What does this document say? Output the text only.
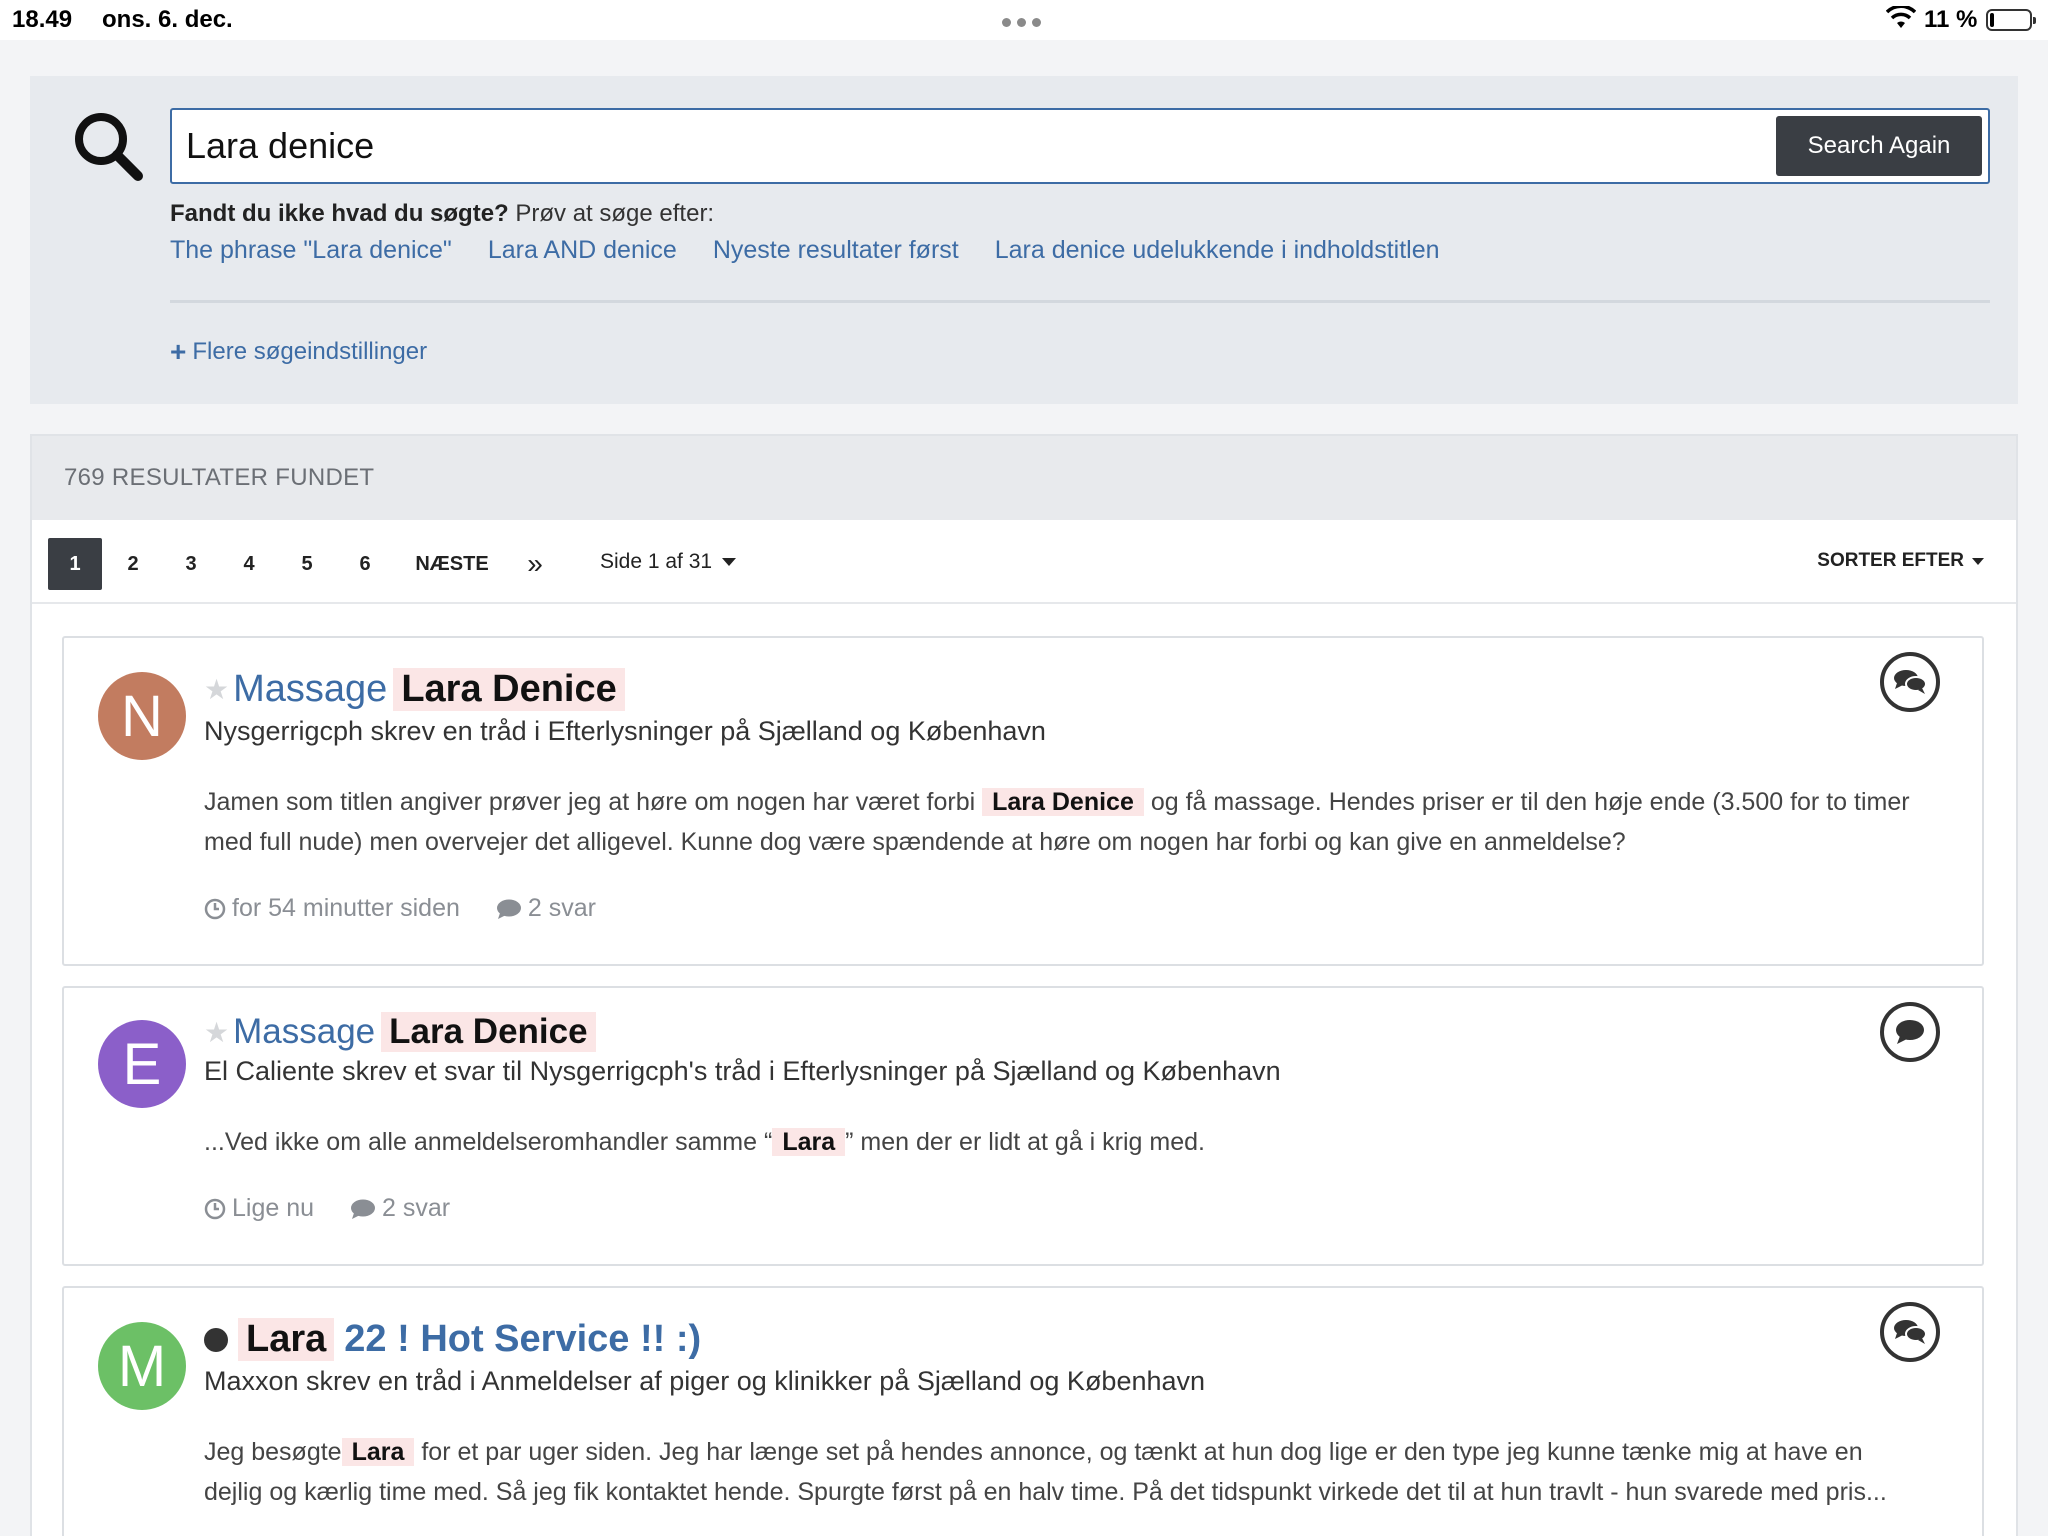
18.49 ons. 6. dec.	11 %
Lara denice
Search Again
Fandt du ikke hvad du søgte? Prøv at søge efter:
The phrase "Lara denice" Lara AND denice Nyeste resultater først Lara denice udelukkende i indholdstitlen
+ Flere søgeindstillinger
769 RESULTATER FUNDET
1	2	3	4	5	6	NÆSTE	»	Side 1 af 31	SORTER EFTER
N	★ Massage Lara Denice
Nysgerrigcph skrev en tråd i Efterlysninger på Sjælland og København
Jamen som titlen angiver prøver jeg at høre om nogen har været forbi Lara Denice og få massage. Hendes priser er til den høje ende (3.500 for to timer med full nude) men overvejer det alligevel. Kunne dog være spændende at høre om nogen har forbi og kan give en anmeldelse?
for 54 minutter siden	2 svar
E	★ Massage Lara Denice
El Caliente skrev et svar til Nysgerrigcph's tråd i Efterlysninger på Sjælland og København
...Ved ikke om alle anmeldelseromhandler samme “ Lara ” men der er lidt at gå i krig med.
Lige nu	2 svar
M	Lara 22 ! Hot Service !! :)
Maxxon skrev en tråd i Anmeldelser af piger og klinikker på Sjælland og København
Jeg besøgte Lara for et par uger siden. Jeg har længe set på hendes annonce, og tænkt at hun dog lige er den type jeg kunne tænke mig at have en dejlig og kærlig time med. Så jeg fik kontaktet hende. Spurgte først på en halv time. På det tidspunkt virkede det til at hun travlt - hun svarede med pris...
